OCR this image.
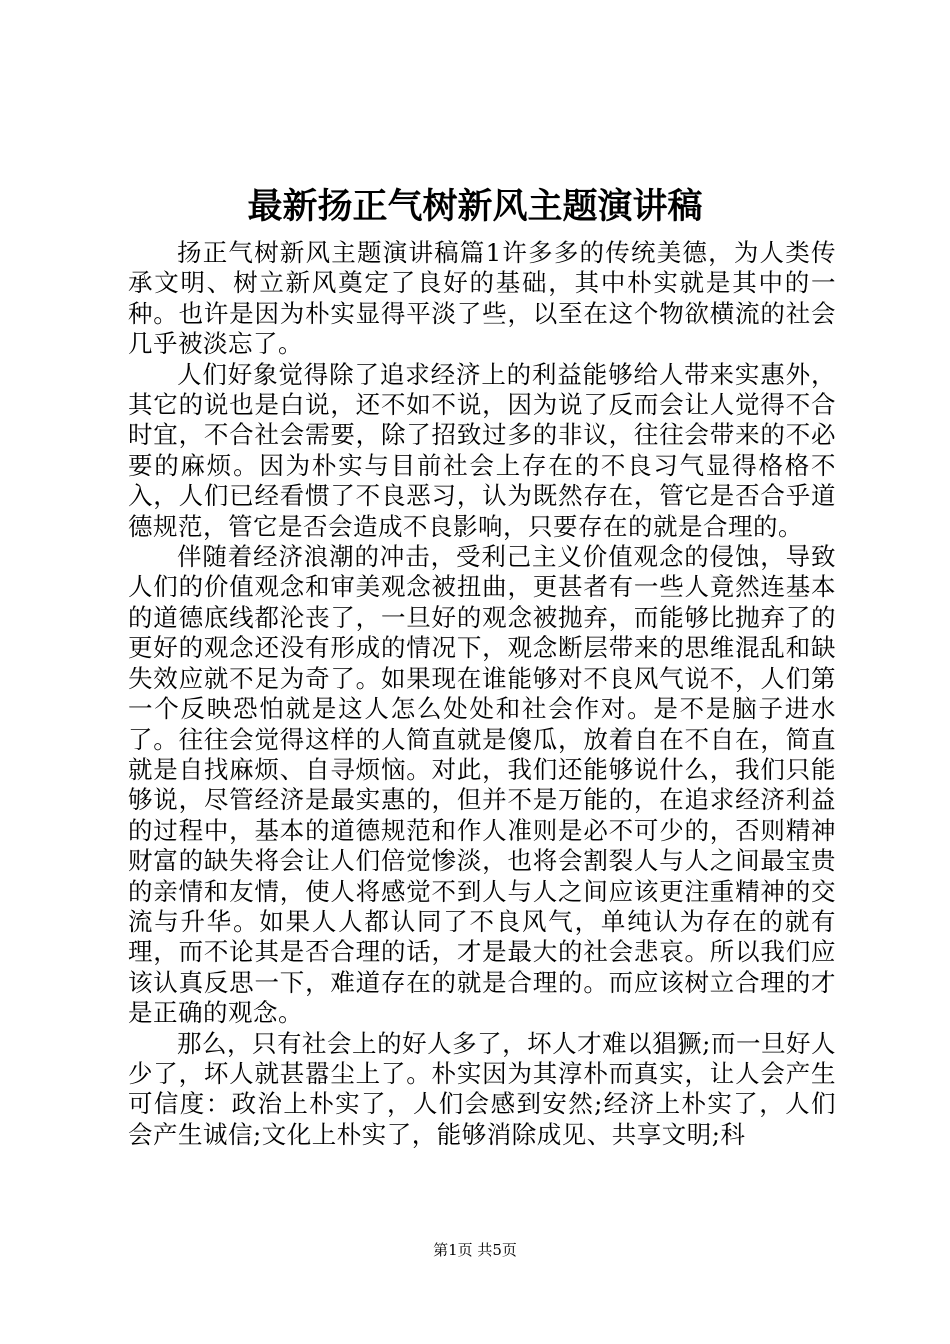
最新扬正气树新风主题演讲稿

扬正气树新风主题演讲稿篇1许多多的传统美德，为人类传承文明、树立新风奠定了良好的基础，其中朴实就是其中的一种。也许是因为朴实显得平淡了些，以至在这个物欲横流的社会几乎被淡忘了。

人们好象觉得除了追求经济上的利益能够给人带来实惠外，其它的说也是白说，还不如不说，因为说了反而会让人觉得不合时宜，不合社会需要，除了招致过多的非议，往往会带来的不必要的麻烦。因为朴实与目前社会上存在的不良习气显得格格不入，人们已经看惯了不良恶习，认为既然存在，管它是否合乎道德规范，管它是否会造成不良影响，只要存在的就是合理的。

伴随着经济浪潮的冲击，受利己主义价值观念的侵蚀，导致人们的价值观念和审美观念被扭曲，更甚者有一些人竟然连基本的道德底线都沦丧了，一旦好的观念被抛弃，而能够比抛弃了的更好的观念还没有形成的情况下，观念断层带来的思维混乱和缺失效应就不足为奇了。如果现在谁能够对不良风气说不，人们第一个反映恐怕就是这人怎么处处和社会作对。是不是脑子进水了。往往会觉得这样的人简直就是傻瓜，放着自在不自在，简直就是自找麻烦、自寻烦恼。对此，我们还能够说什么，我们只能够说，尽管经济是最实惠的，但并不是万能的，在追求经济利益的过程中，基本的道德规范和作人准则是必不可少的，否则精神财富的缺失将会让人们倍觉惨淡，也将会割裂人与人之间最宝贵的亲情和友情，使人将感觉不到人与人之间应该更注重精神的交流与升华。如果人人都认同了不良风气，单纯认为存在的就有理，而不论其是否合理的话，才是最大的社会悲哀。所以我们应该认真反思一下，难道存在的就是合理的。而应该树立合理的才是正确的观念。

那么，只有社会上的好人多了，坏人才难以猖獗;而一旦好人少了，坏人就甚嚣尘上了。朴实因为其淳朴而真实，让人会产生可信度：政治上朴实了，人们会感到安然;经济上朴实了，人们会产生诚信;文化上朴实了，能够消除成见、共享文明;科

第1页 共5页
